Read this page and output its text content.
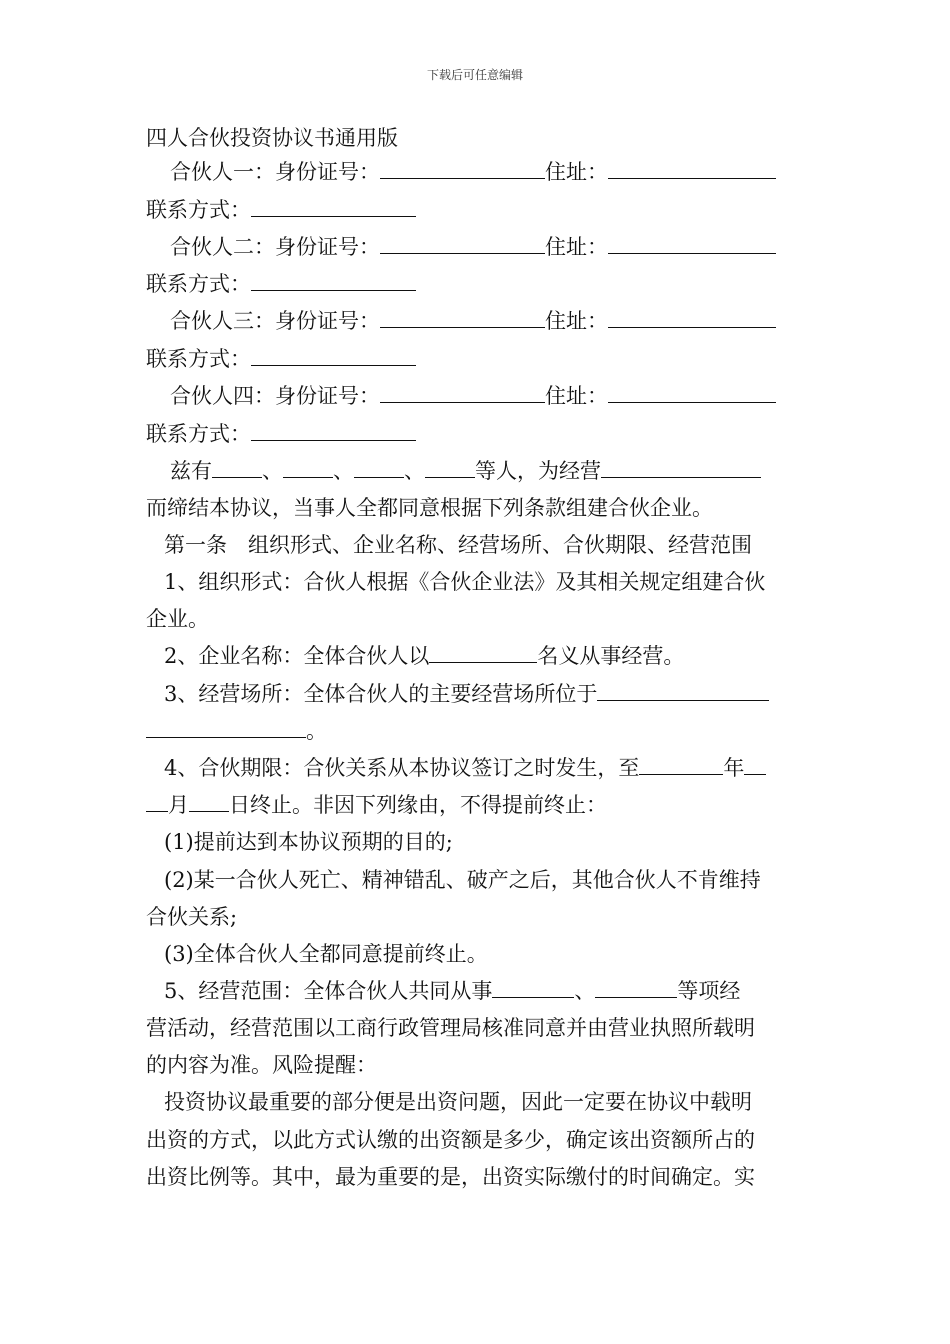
下载后可任意编辑
四人合伙投资协议书通用版
合伙人一：身份证号：	住址：
联系方式：
合伙人二：身份证号：	住址：
联系方式：
合伙人三：身份证号：	住址：
联系方式：
合伙人四：身份证号：	住址：
联系方式：
兹有 、 、 、 等人，为经营
而缔结本协议，当事人全都同意根据下列条款组建合伙企业。
第一条　组织形式、企业名称、经营场所、合伙期限、经营范围
1、组织形式：合伙人根据《合伙企业法》及其相关规定组建合伙
企业。
2、企业名称：全体合伙人以	名义从事经营。
3、经营场所：全体合伙人的主要经营场所位于
。
4、合伙期限：合伙关系从本协议签订之时发生，至	年
月 日终止。非因下列缘由，不得提前终止：
(1)提前达到本协议预期的目的;
(2)某一合伙人死亡、精神错乱、破产之后，其他合伙人不肯维持
合伙关系;
(3)全体合伙人全都同意提前终止。
5、经营范围：全体合伙人共同从事	、	等项经
营活动，经营范围以工商行政管理局核准同意并由营业执照所载明
的内容为准。风险提醒：
投资协议最重要的部分便是出资问题，因此一定要在协议中载明
出资的方式，以此方式认缴的出资额是多少，确定该出资额所占的
出资比例等。其中，最为重要的是，出资实际缴付的时间确定。实
